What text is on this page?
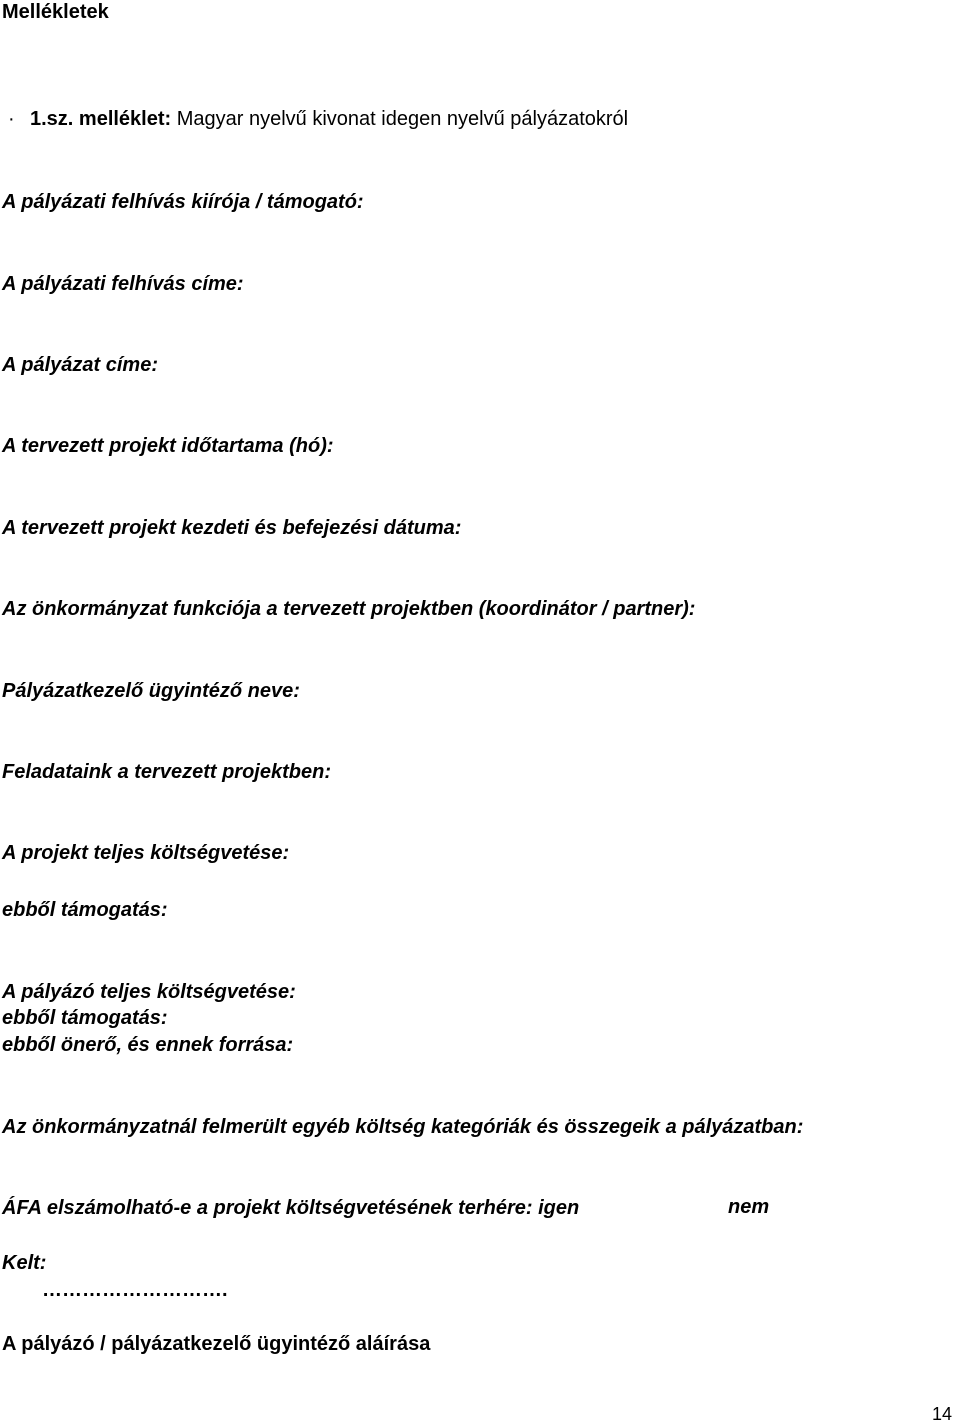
Mellékletek
· 1.sz. melléklet: Magyar nyelvű kivonat idegen nyelvű pályázatokról
A pályázati felhívás kiírója / támogató:
A pályázati felhívás címe:
A pályázat címe:
A tervezett projekt időtartama (hó):
A tervezett projekt kezdeti és befejezési dátuma:
Az önkormányzat funkciója a tervezett projektben (koordinátor / partner):
Pályázatkezelő ügyintéző neve:
Feladataink a tervezett projektben:
A projekt teljes költségvetése:
ebből támogatás:
A pályázó teljes költségvetése:
ebből támogatás:
ebből önerő, és ennek forrása:
Az önkormányzatnál felmerült egyéb költség kategóriák és összegeik a pályázatban:
ÁFA elszámolható-e a projekt költségvetésének terhére: igen	nem
Kelt:
……………………….
A pályázó / pályázatkezelő ügyintéző aláírása
14
